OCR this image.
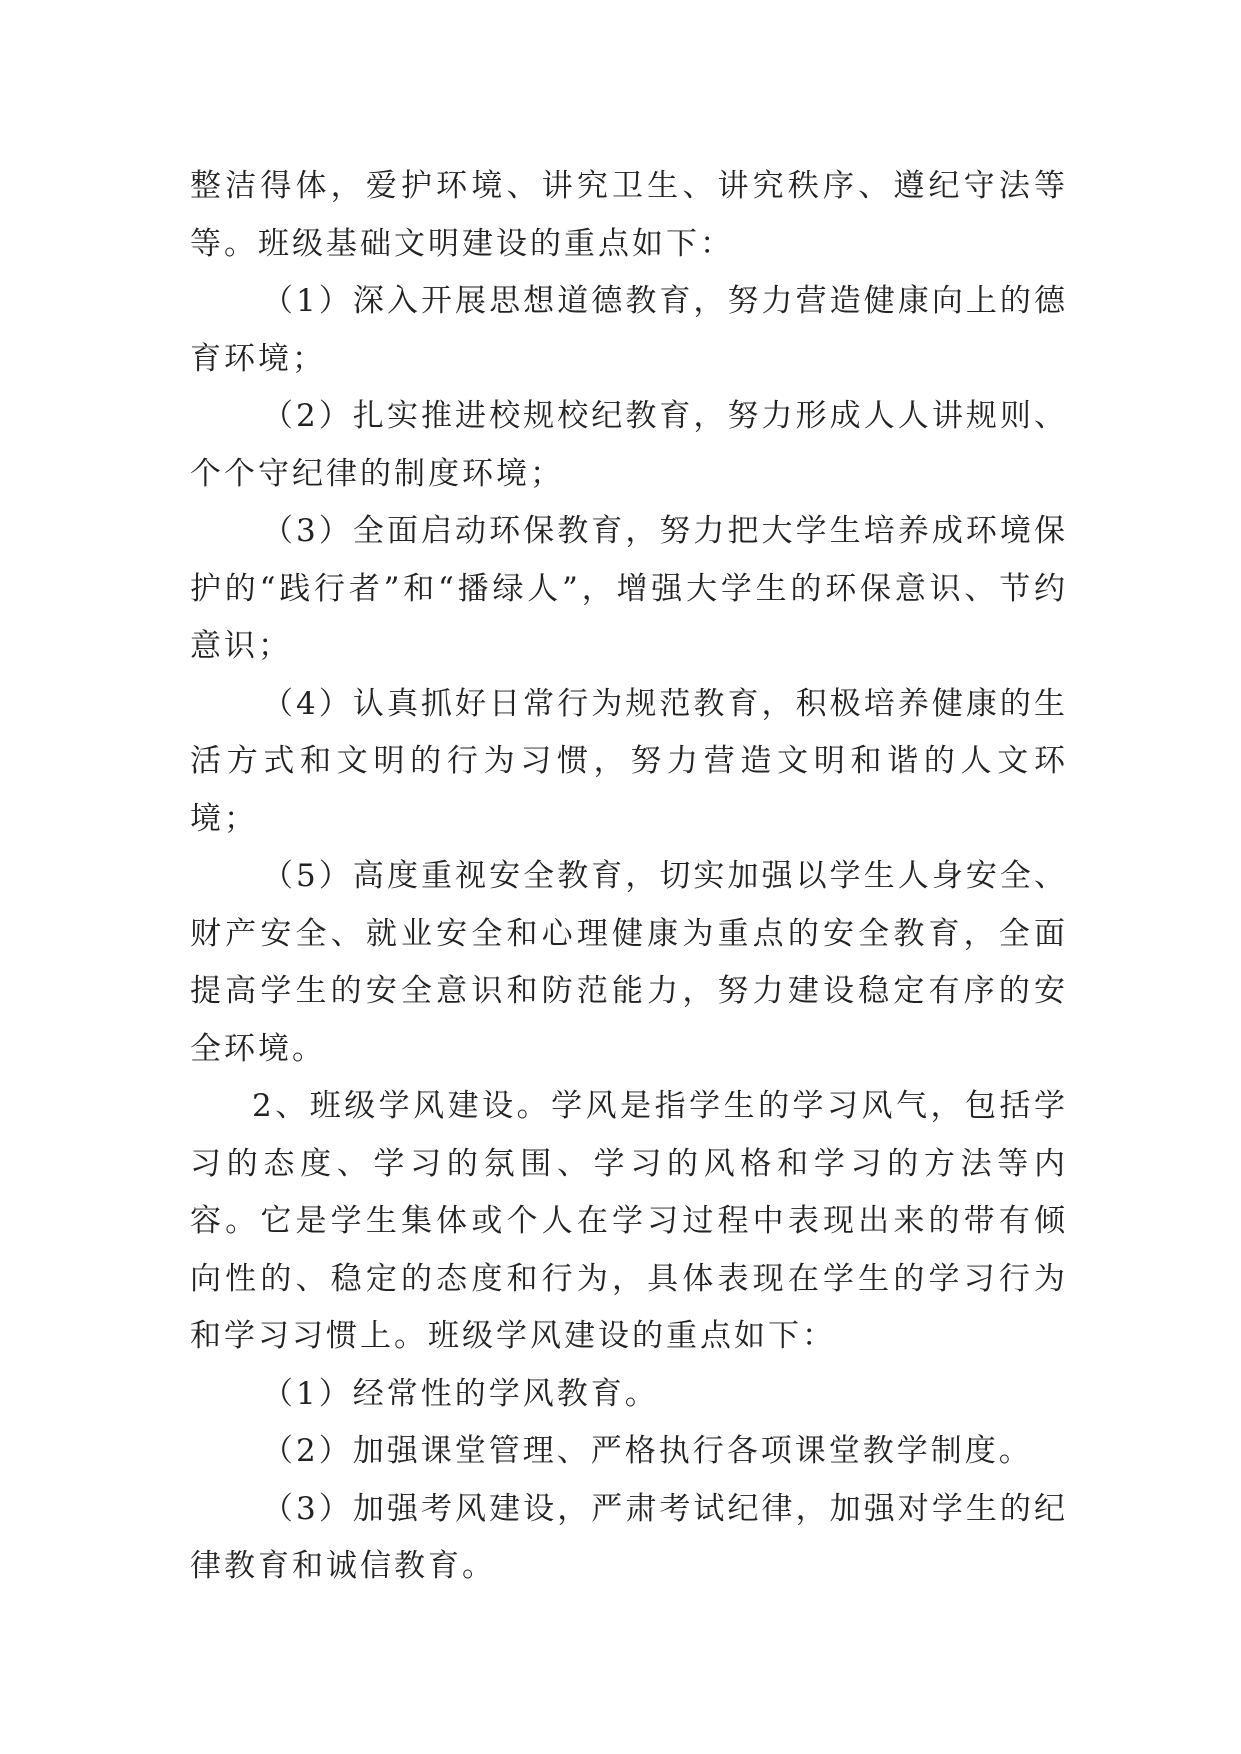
整洁得体，爱护环境、讲究卫生、讲究秩序、遵纪守法等等。班级基础文明建设的重点如下：

（1）深入开展思想道德教育，努力营造健康向上的德育环境；

（2）扎实推进校规校纪教育，努力形成人人讲规则、个个守纪律的制度环境；

（3）全面启动环保教育，努力把大学生培养成环境保护的“践行者”和“播绿人”，增强大学生的环保意识、节约意识；

（4）认真抓好日常行为规范教育，积极培养健康的生活方式和文明的行为习惯，努力营造文明和谐的人文环境；

（5）高度重视安全教育，切实加强以学生人身安全、财产安全、就业安全和心理健康为重点的安全教育，全面提高学生的安全意识和防范能力，努力建设稳定有序的安全环境。

2、班级学风建设。学风是指学生的学习风气，包括学习的态度、学习的氛围、学习的风格和学习的方法等内容。它是学生集体或个人在学习过程中表现出来的带有倾向性的、稳定的态度和行为，具体表现在学生的学习行为和学习习惯上。班级学风建设的重点如下：

（1）经常性的学风教育。

（2）加强课堂管理、严格执行各项课堂教学制度。

（3）加强考风建设，严肃考试纪律，加强对学生的纪律教育和诚信教育。
